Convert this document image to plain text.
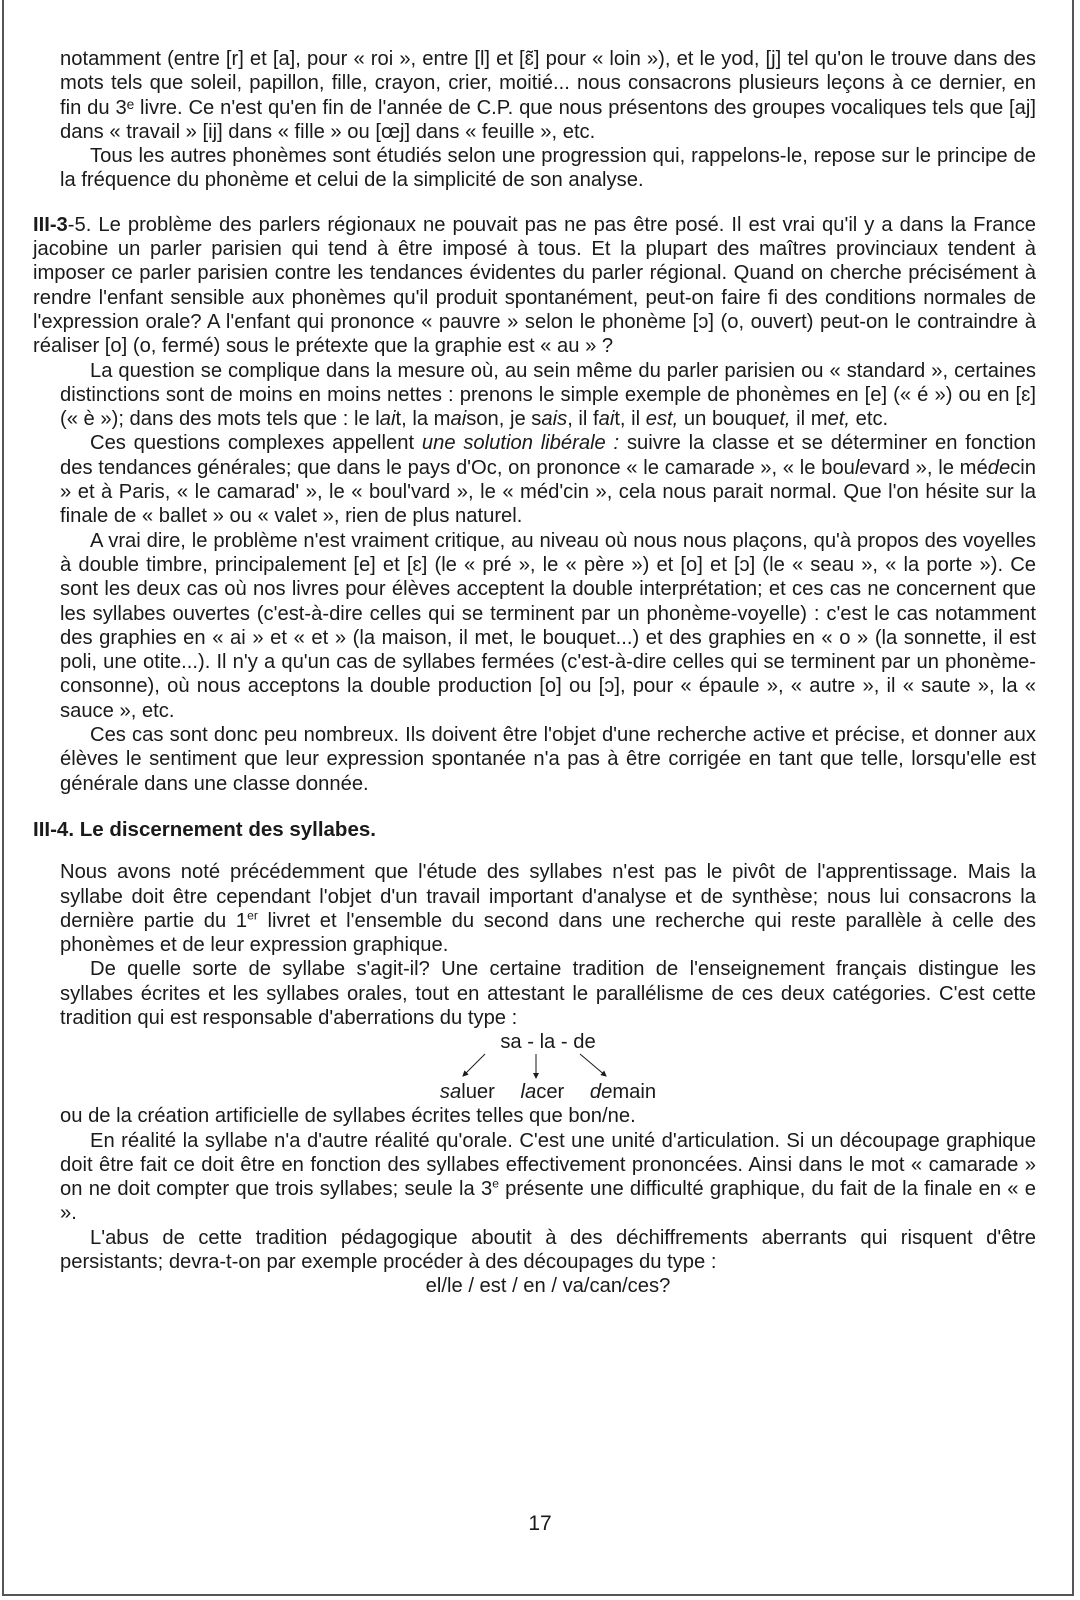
notamment (entre [r] et [a], pour « roi », entre [l] et [ɛ̃] pour « loin »), et le yod, [j] tel qu'on le trouve dans des mots tels que soleil, papillon, fille, crayon, crier, moitié... nous consacrons plusieurs leçons à ce dernier, en fin du 3ᵉ livre. Ce n'est qu'en fin de l'année de C.P. que nous présentons des groupes vocaliques tels que [aj] dans « travail » [ij] dans « fille » ou [œj] dans « feuille », etc.

Tous les autres phonèmes sont étudiés selon une progression qui, rappelons-le, repose sur le principe de la fréquence du phonème et celui de la simplicité de son analyse.

III-3-5. Le problème des parlers régionaux ne pouvait pas ne pas être posé. Il est vrai qu'il y a dans la France jacobine un parler parisien qui tend à être imposé à tous. Et la plupart des maîtres provinciaux tendent à imposer ce parler parisien contre les tendances évidentes du parler régional. Quand on cherche précisément à rendre l'enfant sensible aux phonèmes qu'il produit spontanément, peut-on faire fi des conditions normales de l'expression orale? A l'enfant qui prononce « pauvre » selon le phonème [ɔ] (o, ouvert) peut-on le contraindre à réaliser [o] (o, fermé) sous le prétexte que la graphie est « au » ?

La question se complique dans la mesure où, au sein même du parler parisien ou « standard », certaines distinctions sont de moins en moins nettes : prenons le simple exemple de phonèmes en [e] (« é ») ou en [ɛ] (« è »); dans des mots tels que : le lait, la maison, je sais, il fait, il est, un bouquet, il met, etc.

Ces questions complexes appellent une solution libérale : suivre la classe et se déterminer en fonction des tendances générales; que dans le pays d'Oc, on prononce « le camarade », « le boulevard », le médecin » et à Paris, « le camarad' », le « boul'vard », le « méd'cin », cela nous parait normal. Que l'on hésite sur la finale de « ballet » ou « valet », rien de plus naturel.

A vrai dire, le problème n'est vraiment critique, au niveau où nous nous plaçons, qu'à propos des voyelles à double timbre, principalement [e] et [ɛ] (le « pré », le « père ») et [o] et [ɔ] (le « seau », « la porte »). Ce sont les deux cas où nos livres pour élèves acceptent la double interprétation; et ces cas ne concernent que les syllabes ouvertes (c'est-à-dire celles qui se terminent par un phonème-voyelle) : c'est le cas notamment des graphies en « ai » et « et » (la maison, il met, le bouquet...) et des graphies en « o » (la sonnette, il est poli, une otite...). Il n'y a qu'un cas de syllabes fermées (c'est-à-dire celles qui se terminent par un phonème-consonne), où nous acceptons la double production [o] ou [ɔ], pour « épaule », « autre », il « saute », la « sauce », etc.

Ces cas sont donc peu nombreux. Ils doivent être l'objet d'une recherche active et précise, et donner aux élèves le sentiment que leur expression spontanée n'a pas à être corrigée en tant que telle, lorsqu'elle est générale dans une classe donnée.

III-4. Le discernement des syllabes.

Nous avons noté précédemment que l'étude des syllabes n'est pas le pivôt de l'apprentissage. Mais la syllabe doit être cependant l'objet d'un travail important d'analyse et de synthèse; nous lui consacrons la dernière partie du 1er livret et l'ensemble du second dans une recherche qui reste parallèle à celle des phonèmes et de leur expression graphique.

De quelle sorte de syllabe s'agit-il? Une certaine tradition de l'enseignement français distingue les syllabes écrites et les syllabes orales, tout en attestant le parallélisme de ces deux catégories. C'est cette tradition qui est responsable d'aberrations du type :

sa - la - de
saluer lacer demain

ou de la création artificielle de syllabes écrites telles que bon/ne.

En réalité la syllabe n'a d'autre réalité qu'orale. C'est une unité d'articulation. Si un découpage graphique doit être fait ce doit être en fonction des syllabes effectivement prononcées. Ainsi dans le mot « camarade » on ne doit compter que trois syllabes; seule la 3e présente une difficulté graphique, du fait de la finale en « e ».

L'abus de cette tradition pédagogique aboutit à des déchiffrements aberrants qui risquent d'être persistants; devra-t-on par exemple procéder à des découpages du type :

el/le / est / en / va/can/ces?

17
